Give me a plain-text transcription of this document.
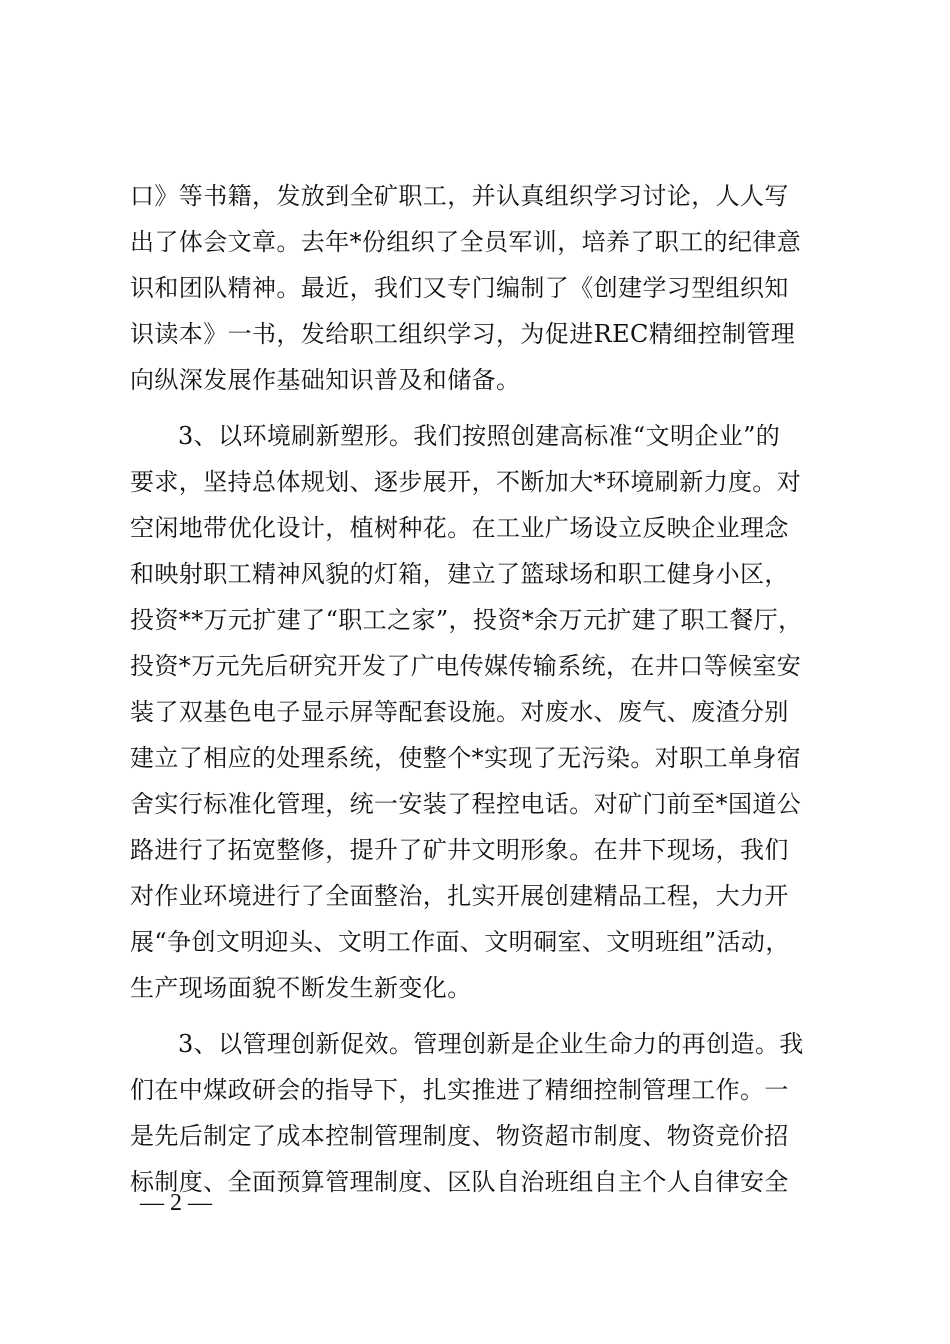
口》等书籍，发放到全矿职工，并认真组织学习讨论，人人写
出了体会文章。去年*份组织了全员军训，培养了职工的纪律意
识和团队精神。最近，我们又专门编制了《创建学习型组织知
识读本》一书，发给职工组织学习，为促进REC精细控制管理
向纵深发展作基础知识普及和储备。
3、以环境刷新塑形。我们按照创建高标准“文明企业”的
要求，坚持总体规划、逐步展开，不断加大*环境刷新力度。对
空闲地带优化设计，植树种花。在工业广场设立反映企业理念
和映射职工精神风貌的灯箱，建立了篮球场和职工健身小区，
投资**万元扩建了“职工之家”，投资*余万元扩建了职工餐厅，
投资*万元先后研究开发了广电传媒传输系统，在井口等候室安
装了双基色电子显示屏等配套设施。对废水、废气、废渣分别
建立了相应的处理系统，使整个*实现了无污染。对职工单身宿
舍实行标准化管理，统一安装了程控电话。对矿门前至*国道公
路进行了拓宽整修，提升了矿井文明形象。在井下现场，我们
对作业环境进行了全面整治，扎实开展创建精品工程，大力开
展“争创文明迎头、文明工作面、文明硐室、文明班组”活动，
生产现场面貌不断发生新变化。
3、以管理创新促效。管理创新是企业生命力的再创造。我
们在中煤政研会的指导下，扎实推进了精细控制管理工作。一
是先后制定了成本控制管理制度、物资超市制度、物资竞价招
标制度、全面预算管理制度、区队自治班组自主个人自律安全
— 2 —
